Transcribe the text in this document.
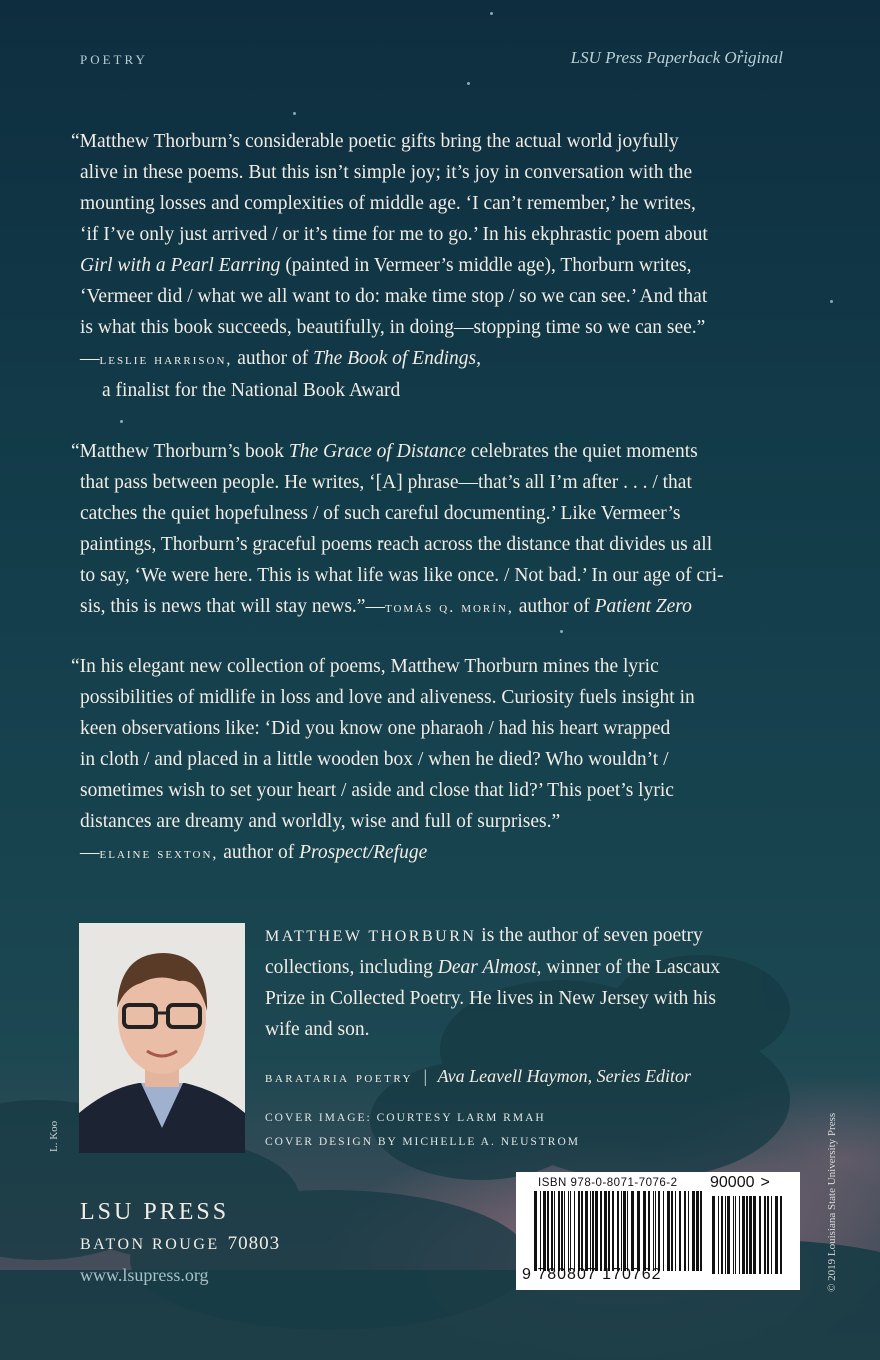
POETRY	LSU Press Paperback Original

“Matthew Thorburn’s considerable poetic gifts bring the actual world joyfully

alive in these poems. But this isn’t simple joy; it’s joy in conversation with the

mounting losses and complexities of middle age. ‘I can’t remember,’ he writes,

‘if I’ve only just arrived / or it’s time for me to go.’ In his ekphrastic poem about

Girl with a Pearl Earring (painted in Vermeer’s middle age), Thorburn writes,

‘Vermeer did / what we all want to do: make time stop / so we can see.’ And that

is what this book succeeds, beautifully, in doing—stopping time so we can see.”

—leslie harrison, author of The Book of Endings,

a finalist for the National Book Award

“Matthew Thorburn’s book The Grace of Distance celebrates the quiet moments

that pass between people. He writes, ‘[A] phrase—that’s all I’m after . . . / that

catches the quiet hopefulness / of such careful documenting.’ Like Vermeer’s

paintings, Thorburn’s graceful poems reach across the distance that divides us all

to say, ‘We were here. This is what life was like once. / Not bad.’ In our age of cri-

sis, this is news that will stay news.”—tomás q. morín, author of Patient Zero

“In his elegant new collection of poems, Matthew Thorburn mines the lyric

possibilities of midlife in loss and love and aliveness. Curiosity fuels insight in

keen observations like: ‘Did you know one pharaoh / had his heart wrapped

in cloth / and placed in a little wooden box / when he died? Who wouldn’t /

sometimes wish to set your heart / aside and close that lid?’ This poet’s lyric

distances are dreamy and worldly, wise and full of surprises.”

—elaine sexton, author of Prospect/Refuge

L. Koo
MATTHEW THORBURN is the author of seven poetry
collections, including Dear Almost, winner of the Lascaux
Prize in Collected Poetry. He lives in New Jersey with his
wife and son.
barataria poetry | Ava Leavell Haymon, Series Editor
COVER IMAGE: COURTESY LARM RMAH
COVER DESIGN BY MICHELLE A. NEUSTROM
LSU PRESS
BATON ROUGE 70803
www.lsupress.org
ISBN 978-0-8071-7076-2
9 780807 170762
90000 >	© 2019 Louisiana State University Press
